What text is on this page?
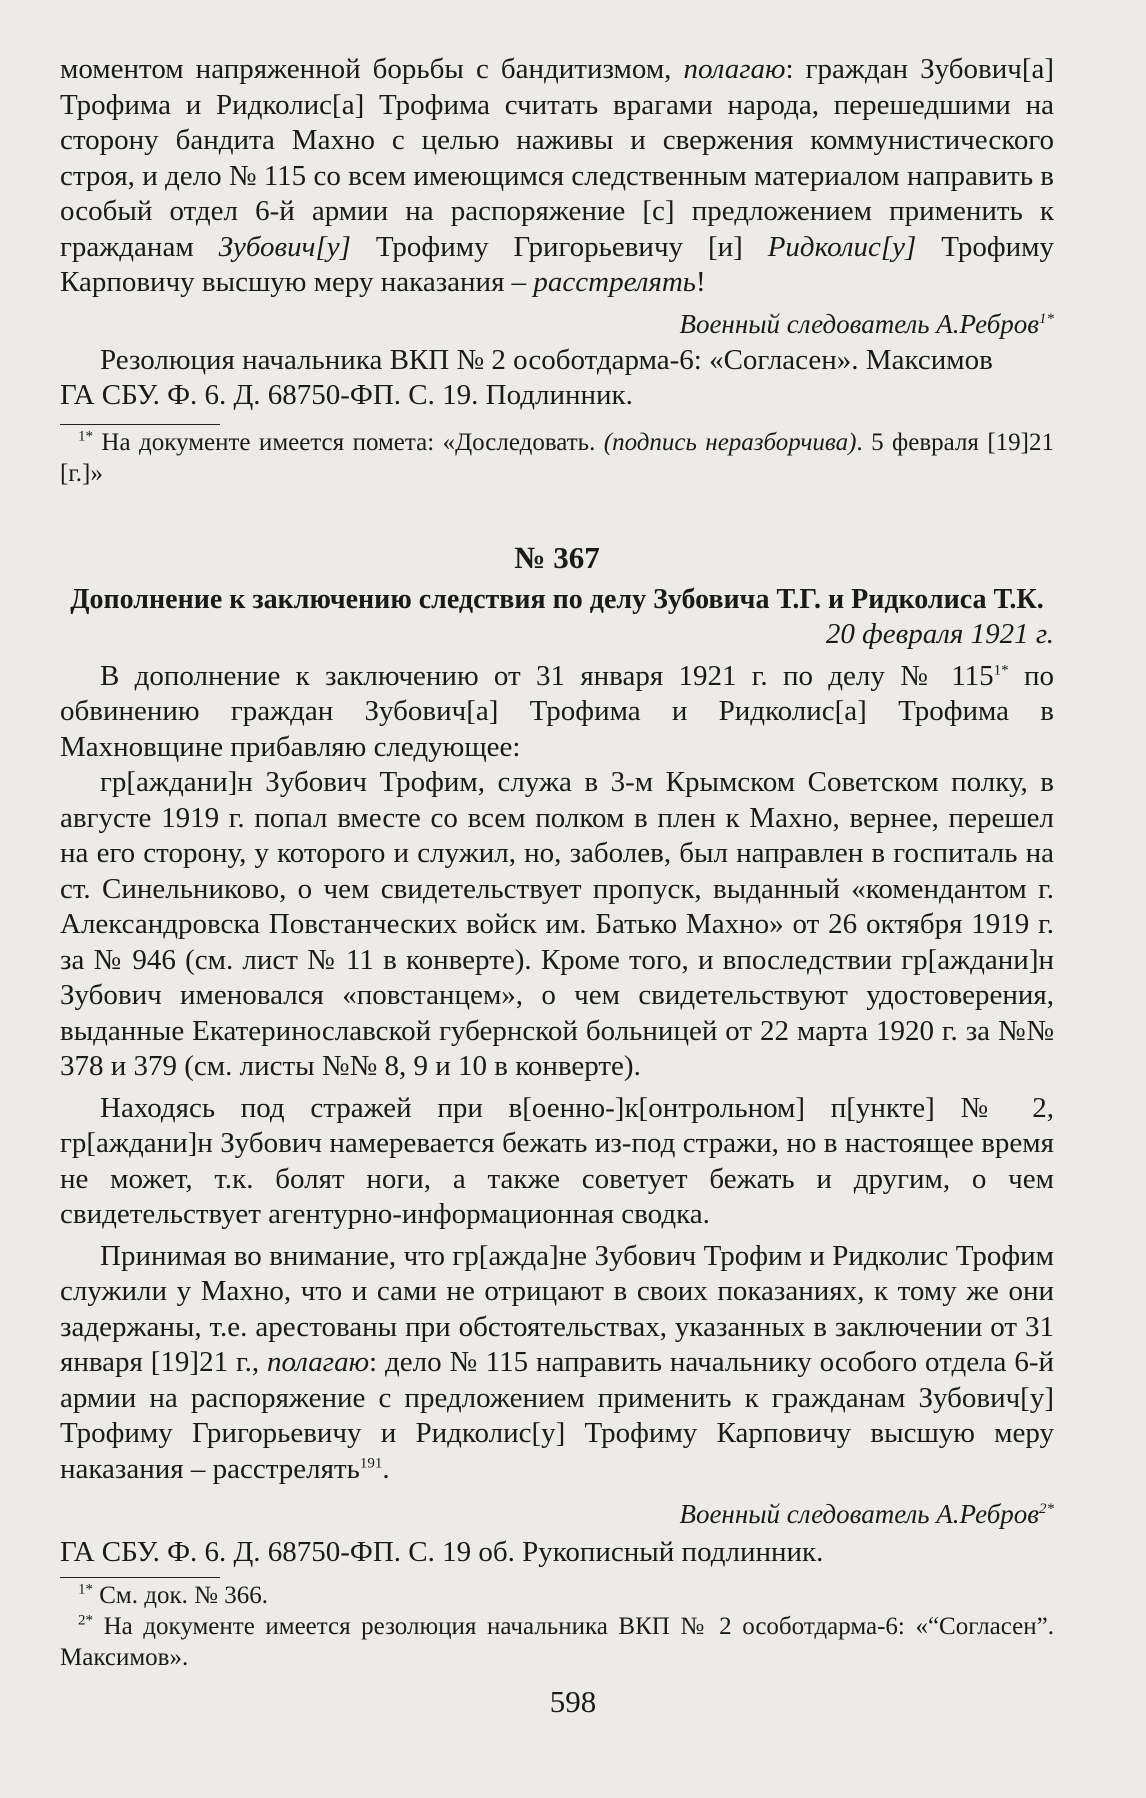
моментом напряженной борьбы с бандитизмом, полагаю: граждан Зубович[а] Трофима и Ридколис[а] Трофима считать врагами народа, перешедшими на сторону бандита Махно с целью наживы и свержения коммунистического строя, и дело № 115 со всем имеющимся следственным материалом направить в особый отдел 6-й армии на распоряжение [с] предложением применить к гражданам Зубович[у] Трофиму Григорьевичу [и] Ридколис[у] Трофиму Карповичу высшую меру наказания – расстрелять!

Военный следователь А.Ребров$^{1*}$

Резолюция начальника ВКП № 2 особотдарма-6: «Согласен». Максимов

ГА СБУ. Ф. 6. Д. 68750-ФП. С. 19. Подлинник.

$^{1*}$ На документе имеется помета: «Доследовать. (подпись неразборчива). 5 февраля [19]21 [г.]»

№ 367

Дополнение к заключению следствия по делу Зубовича Т.Г. и Ридколиса Т.К.

20 февраля 1921 г.

В дополнение к заключению от 31 января 1921 г. по делу № $115^{1*}$ по обвинению граждан Зубович[а] Трофима и Ридколис[а] Трофима в Махновщине прибавляю следующее:

гр[аждани]н Зубович Трофим, служа в 3-м Крымском Советском полку, в августе 1919 г. попал вместе со всем полком в плен к Махно, вернее, перешел на его сторону, у которого и служил, но, заболев, был направлен в госпиталь на ст. Синельниково, о чем свидетельствует пропуск, выданный «комендантом г. Александровска Повстанческих войск им. Батько Махно» от 26 октября 1919 г. за № 946 (см. лист № 11 в конверте). Кроме того, и впоследствии гр[аждани]н Зубович именовался «повстанцем», о чем свидетельствуют удостоверения, выданные Екатеринославской губернской больницей от 22 марта 1920 г. за №№ 378 и 379 (см. листы №№ 8, 9 и 10 в конверте).

Находясь под стражей при в[оенно-]к[онтрольном] п[ункте] № 2, гр[аждани]н Зубович намеревается бежать из-под стражи, но в настоящее время не может, т.к. болят ноги, а также советует бежать и другим, о чем свидетельствует агентурно-информационная сводка.

Принимая во внимание, что гр[ажда]не Зубович Трофим и Ридколис Трофим служили у Махно, что и сами не отрицают в своих показаниях, к тому же они задержаны, т.е. арестованы при обстоятельствах, указанных в заключении от 31 января [19]21 г., полагаю: дело № 115 направить начальнику особого отдела 6-й армии на распоряжение с предложением применить к гражданам Зубович[у] Трофиму Григорьевичу и Ридколис[у] Трофиму Карповичу высшую меру наказания – расстрелять$^{191}$.

Военный следователь А.Ребров$^{2*}$

ГА СБУ. Ф. 6. Д. 68750-ФП. С. 19 об. Рукописный подлинник.

$^{1*}$ См. док. № 366.

$^{2*}$ На документе имеется резолюция начальника ВКП № 2 особотдарма-6: «“Согласен”. Максимов».

598
